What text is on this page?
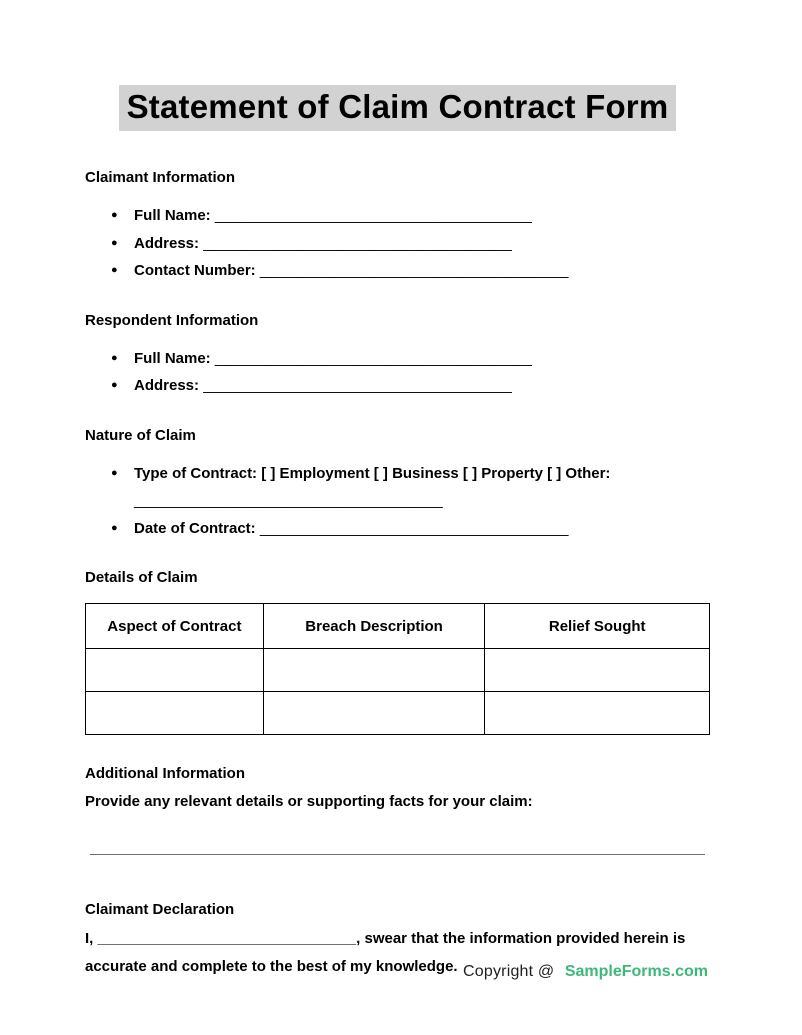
Statement of Claim Contract Form
Claimant Information
● Full Name: ______________________________________
● Address: _____________________________________
● Contact Number: _____________________________________
Respondent Information
● Full Name: ______________________________________
● Address: _____________________________________
Nature of Claim
● Type of Contract: [ ] Employment [ ] Business [ ] Property [ ] Other:
_____________________________________
● Date of Contract: _____________________________________
Details of Claim
Aspect of Contract	Breach Description	Relief Sought

Additional Information
Provide any relevant details or supporting facts for your claim:
Claimant Declaration
I, _______________________________, swear that the information provided herein is accurate and complete to the best of my knowledge. Copyright @ SampleForms.com
